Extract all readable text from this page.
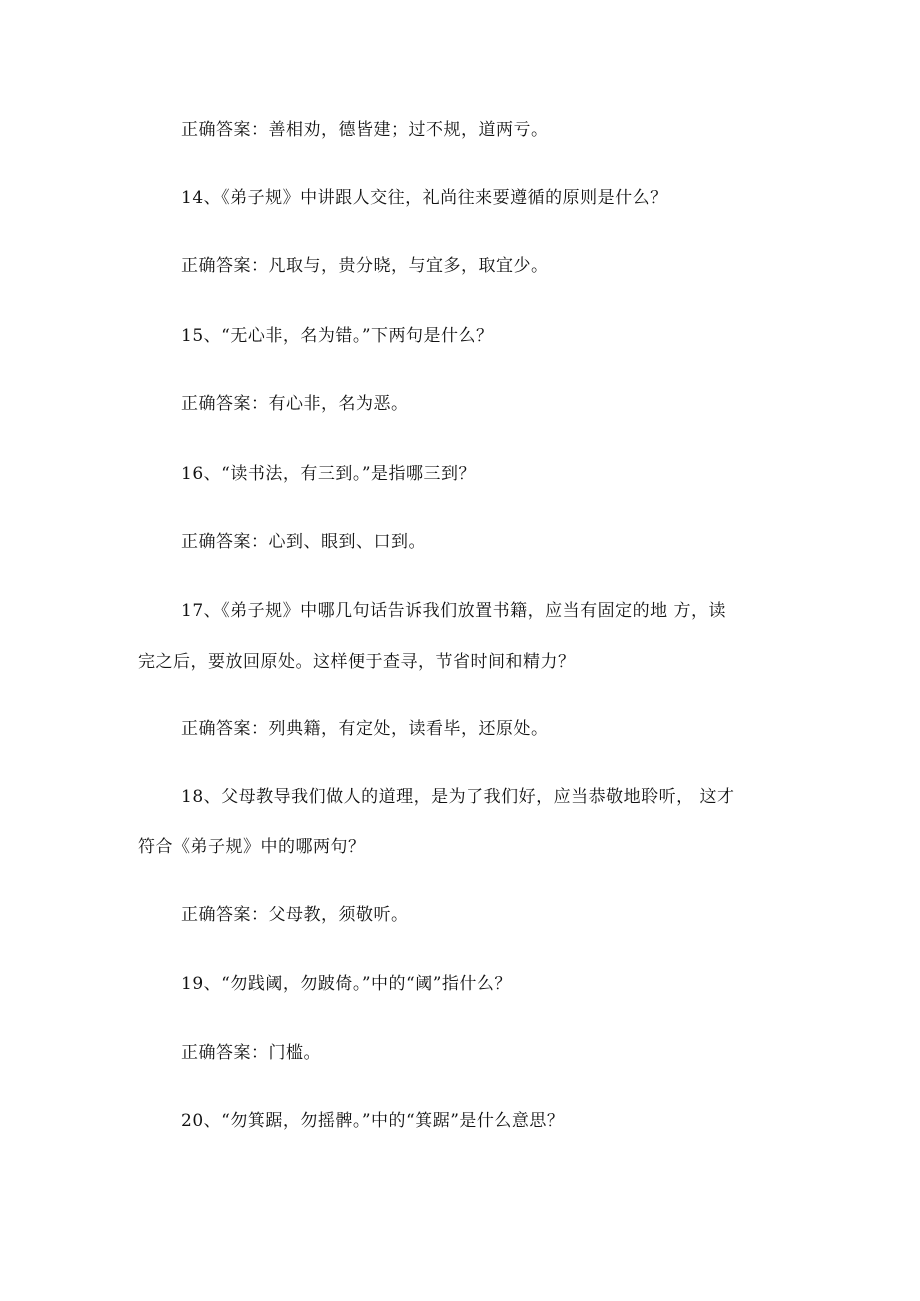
正确答案：善相劝，德皆建；过不规，道两亏。
14、《弟子规》中讲跟人交往，礼尚往来要遵循的原则是什么？
正确答案：凡取与，贵分晓，与宜多，取宜少。
15、“无心非，名为错。”下两句是什么？
正确答案：有心非，名为恶。
16、“读书法，有三到。”是指哪三到？
正确答案：心到、眼到、口到。
17、《弟子规》中哪几句话告诉我们放置书籍，应当有固定的地 方，读
完之后，要放回原处。这样便于查寻，节省时间和精力？
正确答案：列典籍，有定处，读看毕，还原处。
18、父母教导我们做人的道理，是为了我们好，应当恭敬地聆听， 这才
符合《弟子规》中的哪两句？
正确答案：父母教，须敬听。
19、“勿践阈，勿跛倚。”中的“阈”指什么？
正确答案：门槛。
20、“勿箕踞，勿摇髀。”中的“箕踞”是什么意思？
